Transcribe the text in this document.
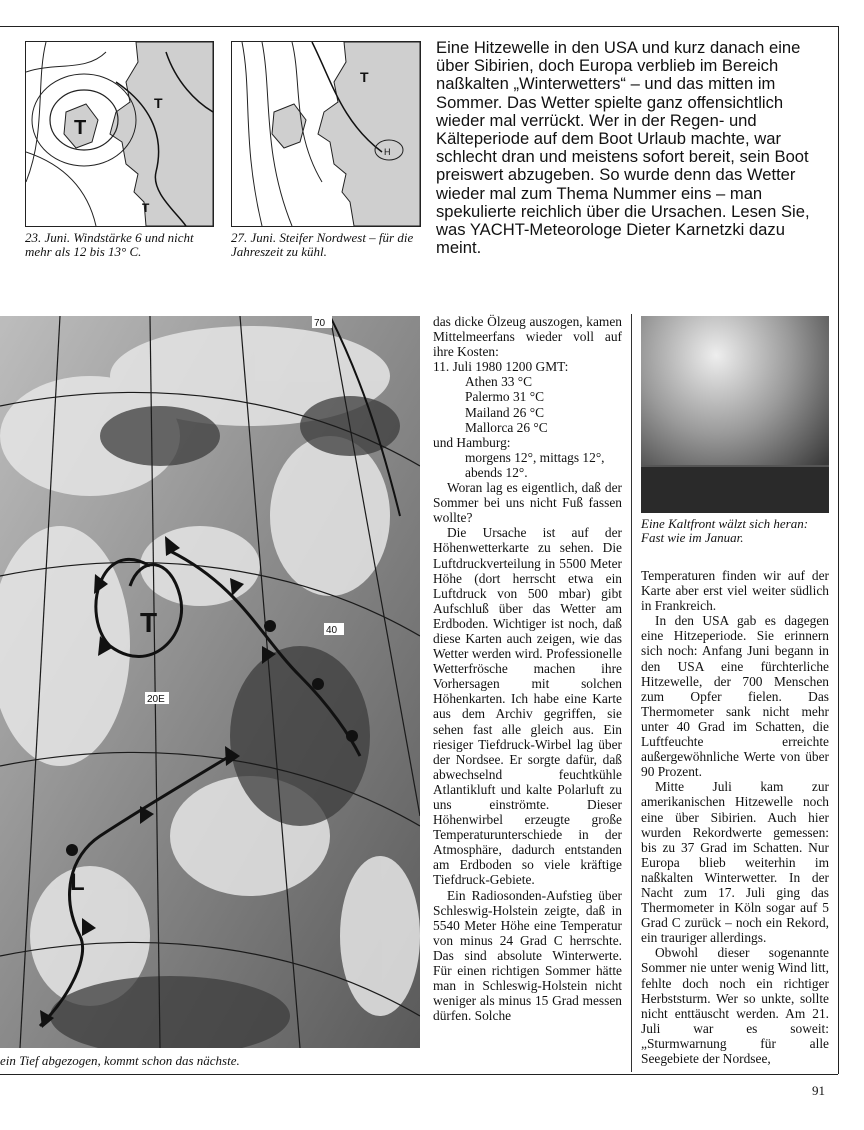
T
T
T
23. Juni. Windstärke 6 und nicht mehr als 12 bis 13° C.
H
T
27. Juni. Steifer Nordwest – für die Jahreszeit zu kühl.

Eine Hitzewelle in den USA und kurz danach eine über Sibirien, doch Europa verblieb im Bereich naßkalten „Winterwetters“ – und das mitten im Sommer. Das Wetter spielte ganz offensichtlich wieder mal verrückt. Wer in der Regen- und Kälteperiode auf dem Boot Urlaub machte, war schlecht dran und meistens sofort bereit, sein Boot preiswert abzugeben. So wurde denn das Wetter wieder mal zum Thema Nummer eins – man spekulierte reichlich über die Ursachen. Lesen Sie, was YACHT-Meteorologe Dieter Karnetzki dazu meint.

T
L
70
40
20E
ein Tief abgezogen, kommt schon das nächste.

das dicke Ölzeug auszogen, kamen Mittelmeerfans wieder voll auf ihre Kosten:

11. Juli 1980 1200 GMT:
Athen 33 °C
Palermo 31 °C
Mailand 26 °C
Mallorca 26 °C
und Hamburg:
morgens 12°, mittags 12°,
abends 12°.

Woran lag es eigentlich, daß der Sommer bei uns nicht Fuß fassen wollte?

Die Ursache ist auf der Höhenwetterkarte zu sehen. Die Luftdruckverteilung in 5500 Meter Höhe (dort herrscht etwa ein Luftdruck von 500 mbar) gibt Aufschluß über das Wetter am Erdboden. Wichtiger ist noch, daß diese Karten auch zeigen, wie das Wetter werden wird. Professionelle Wetterfrösche machen ihre Vorhersagen mit solchen Höhenkarten. Ich habe eine Karte aus dem Archiv gegriffen, sie sehen fast alle gleich aus. Ein riesiger Tiefdruck-Wirbel lag über der Nordsee. Er sorgte dafür, daß abwechselnd feuchtkühle Atlantikluft und kalte Polarluft zu uns einströmte. Dieser Höhenwirbel erzeugte große Temperaturunterschiede in der Atmosphäre, dadurch entstanden am Erdboden so viele kräftige Tiefdruck-Gebiete.

Ein Radiosonden-Aufstieg über Schleswig-Holstein zeigte, daß in 5540 Meter Höhe eine Temperatur von minus 24 Grad C herrschte. Das sind absolute Winterwerte. Für einen richtigen Sommer hätte man in Schleswig-Holstein nicht weniger als minus 15 Grad messen dürfen. Solche

Eine Kaltfront wälzt sich heran: Fast wie im Januar.

Temperaturen finden wir auf der Karte aber erst viel weiter südlich in Frankreich.

In den USA gab es dagegen eine Hitzeperiode. Sie erinnern sich noch: Anfang Juni begann in den USA eine fürchterliche Hitzewelle, der 700 Menschen zum Opfer fielen. Das Thermometer sank nicht mehr unter 40 Grad im Schatten, die Luftfeuchte erreichte außergewöhnliche Werte von über 90 Prozent.

Mitte Juli kam zur amerikanischen Hitzewelle noch eine über Sibirien. Auch hier wurden Rekordwerte gemessen: bis zu 37 Grad im Schatten. Nur Europa blieb weiterhin im naßkalten Winterwetter. In der Nacht zum 17. Juli ging das Thermometer in Köln sogar auf 5 Grad C zurück – noch ein Rekord, ein trauriger allerdings.

Obwohl dieser sogenannte Sommer nie unter wenig Wind litt, fehlte doch noch ein richtiger Herbststurm. Wer so unkte, sollte nicht enttäuscht werden. Am 21. Juli war es soweit: „Sturmwarnung für alle Seegebiete der Nordsee,

91
